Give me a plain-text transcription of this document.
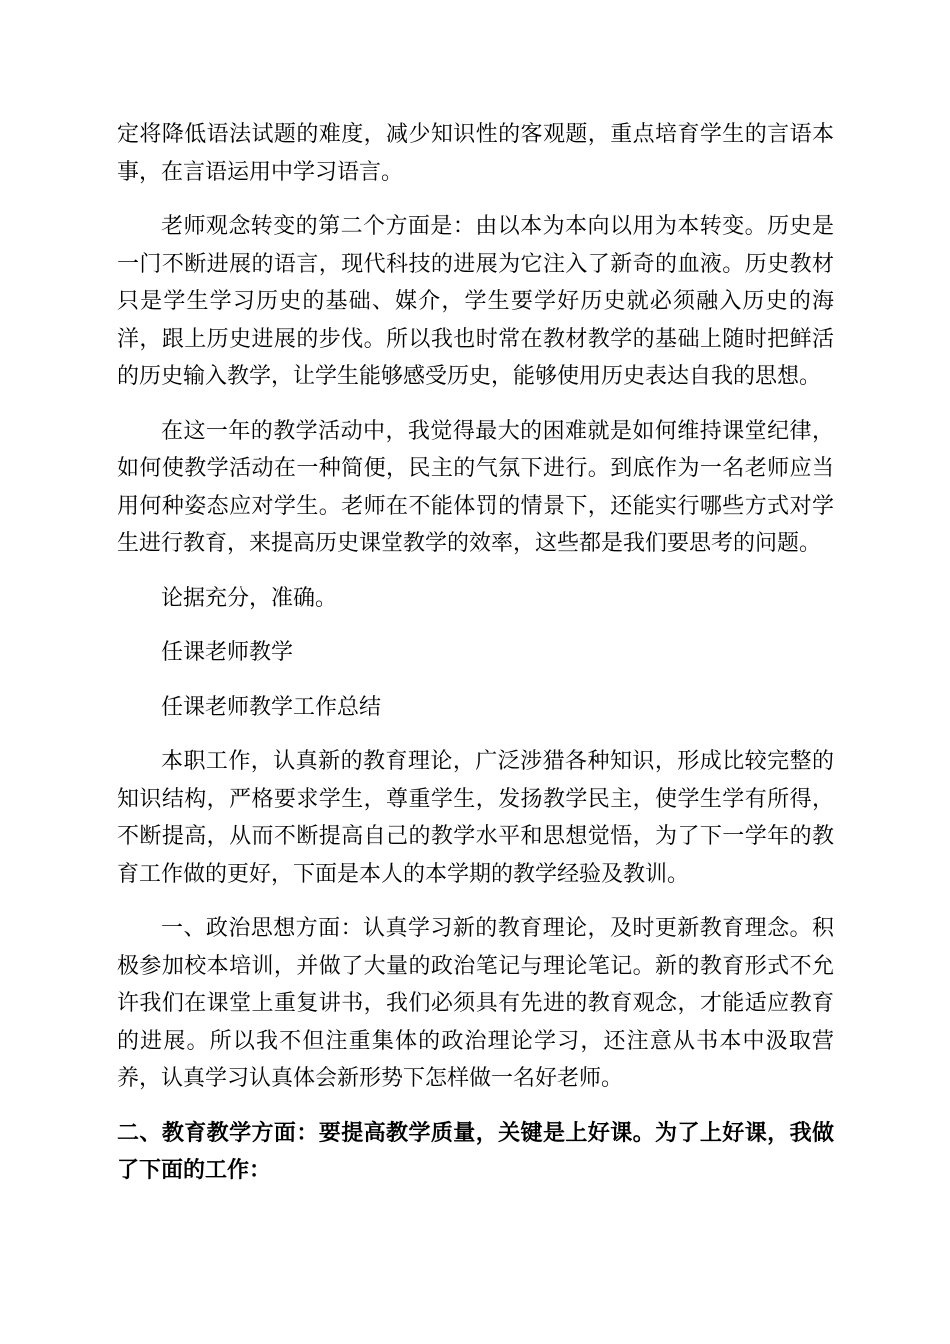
定将降低语法试题的难度，减少知识性的客观题，重点培育学生的言语本事，在言语运用中学习语言。

老师观念转变的第二个方面是：由以本为本向以用为本转变。历史是一门不断进展的语言，现代科技的进展为它注入了新奇的血液。历史教材只是学生学习历史的基础、媒介，学生要学好历史就必须融入历史的海洋，跟上历史进展的步伐。所以我也时常在教材教学的基础上随时把鲜活的历史输入教学，让学生能够感受历史，能够使用历史表达自我的思想。

在这一年的教学活动中，我觉得最大的困难就是如何维持课堂纪律，如何使教学活动在一种简便，民主的气氛下进行。到底作为一名老师应当用何种姿态应对学生。老师在不能体罚的情景下，还能实行哪些方式对学生进行教育，来提高历史课堂教学的效率，这些都是我们要思考的问题。

论据充分，准确。

任课老师教学

任课老师教学工作总结

本职工作，认真新的教育理论，广泛涉猎各种知识，形成比较完整的知识结构，严格要求学生，尊重学生，发扬教学民主，使学生学有所得，不断提高，从而不断提高自己的教学水平和思想觉悟，为了下一学年的教育工作做的更好，下面是本人的本学期的教学经验及教训。

一、政治思想方面：认真学习新的教育理论，及时更新教育理念。积极参加校本培训，并做了大量的政治笔记与理论笔记。新的教育形式不允许我们在课堂上重复讲书，我们必须具有先进的教育观念，才能适应教育的进展。所以我不但注重集体的政治理论学习，还注意从书本中汲取营养，认真学习认真体会新形势下怎样做一名好老师。

二、教育教学方面：要提高教学质量，关键是上好课。为了上好课，我做了下面的工作：
